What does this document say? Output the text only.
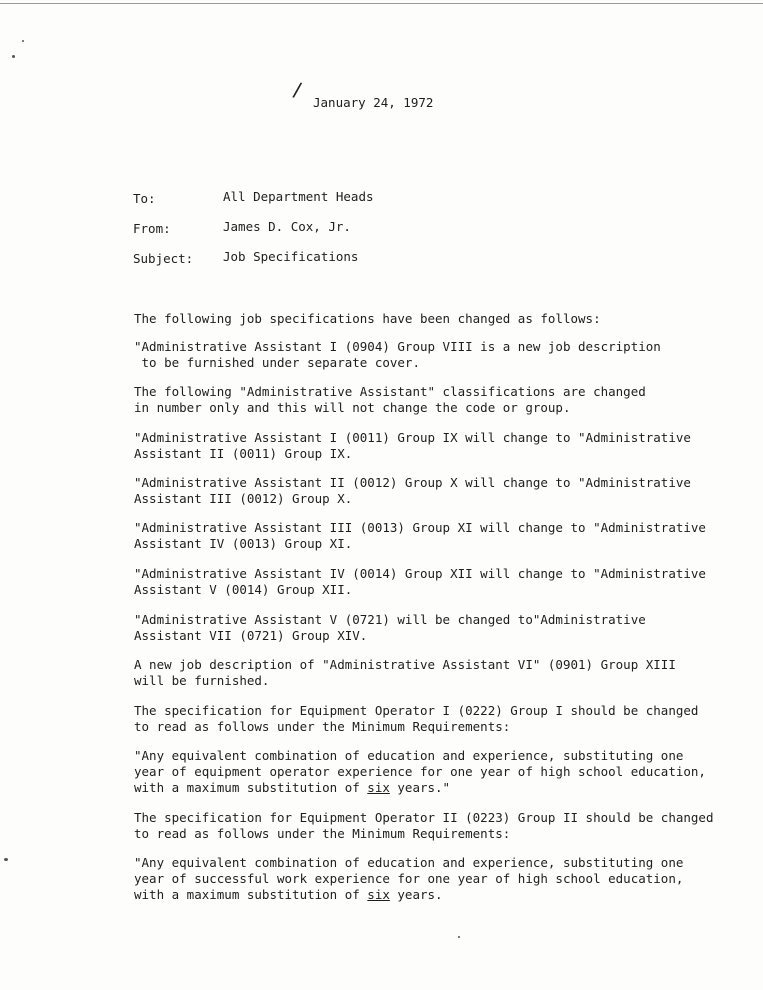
/ January 24, 1972
To:	All Department Heads
From:	James D. Cox, Jr.
Subject: Job Specifications

The following job specifications have been changed as follows:

"Administrative Assistant I (0904) Group VIII is a new job description
to be furnished under separate cover.

The following "Administrative Assistant" classifications are changed
in number only and this will not change the code or group.

"Administrative Assistant I (0011) Group IX will change to "Administrative
Assistant II (0011) Group IX.

"Administrative Assistant II (0012) Group X will change to "Administrative
Assistant III (0012) Group X.

"Administrative Assistant III (0013) Group XI will change to "Administrative
Assistant IV (0013) Group XI.

"Administrative Assistant IV (0014) Group XII will change to "Administrative
Assistant V (0014) Group XII.

"Administrative Assistant V (0721) will be changed to"Administrative
Assistant VII (0721) Group XIV.

A new job description of "Administrative Assistant VI" (0901) Group XIII
will be furnished.

The specification for Equipment Operator I (0222) Group I should be changed
to read as follows under the Minimum Requirements:

"Any equivalent combination of education and experience, substituting one
year of equipment operator experience for one year of high school education,
with a maximum substitution of six years."

The specification for Equipment Operator II (0223) Group II should be changed
to read as follows under the Minimum Requirements:

"Any equivalent combination of education and experience, substituting one
year of successful work experience for one year of high school education,
with a maximum substitution of six years.
